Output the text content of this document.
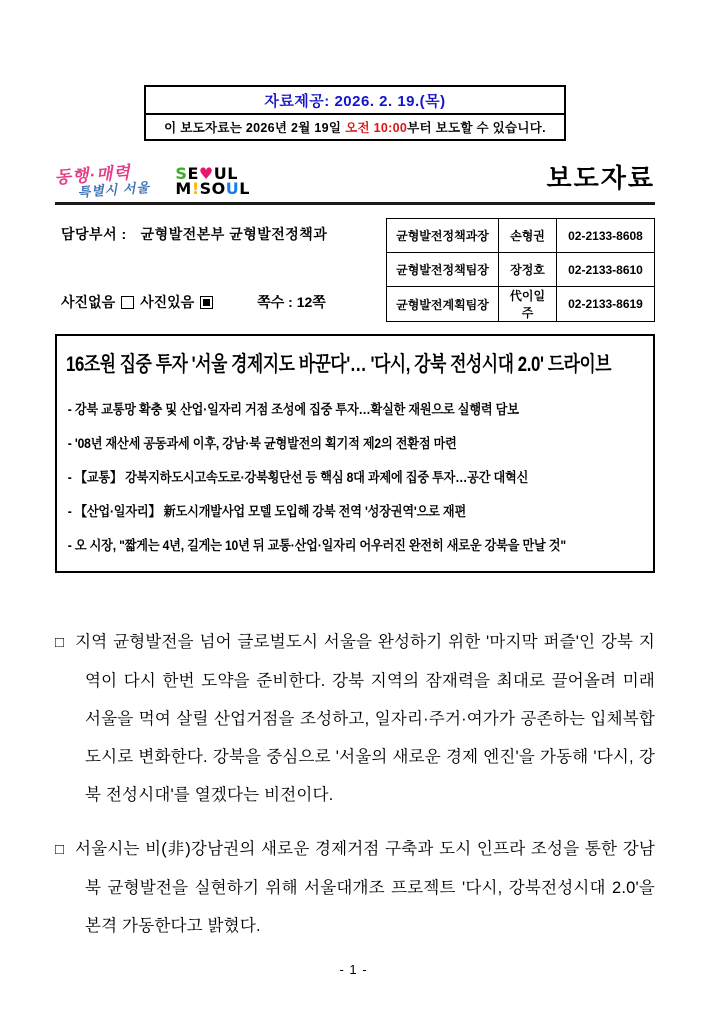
자료제공: 2026. 2. 19.(목)
이 보도자료는 2026년 2월 19일 오전 10:00부터 보도할 수 있습니다.
동행·매력
특별시 서울
SE♥UL
M!SOUL	보도자료
담당부서 : 균형발전본부 균형발전정책과
사진없음 사진있음	쪽수 : 12쪽
균형발전정책과장	손형권	02-2133-8608
균형발전정책팀장	장정호	02-2133-8610
균형발전계획팀장	代이일주	02-2133-8619
16조원 집중 투자 '서울 경제지도 바꾼다'… '다시, 강북 전성시대 2.0' 드라이브
- 강북 교통망 확충 및 산업·일자리 거점 조성에 집중 투자…확실한 재원으로 실행력 담보
- '08년 재산세 공동과세 이후, 강남·북 균형발전의 획기적 제2의 전환점 마련
- 【교통】 강북지하도시고속도로·강북횡단선 등 핵심 8대 과제에 집중 투자…공간 대혁신
- 【산업·일자리】 新도시개발사업 모델 도입해 강북 전역 '성장권역'으로 재편
- 오 시장, "짧게는 4년, 길게는 10년 뒤 교통·산업·일자리 어우러진 완전히 새로운 강북을 만날 것"
□ 지역 균형발전을 넘어 글로벌도시 서울을 완성하기 위한 '마지막 퍼즐'인 강북 지역이 다시 한번 도약을 준비한다. 강북 지역의 잠재력을 최대로 끌어올려 미래 서울을 먹여 살릴 산업거점을 조성하고, 일자리·주거·여가가 공존하는 입체복합도시로 변화한다. 강북을 중심으로 '서울의 새로운 경제 엔진'을 가동해 '다시, 강북 전성시대'를 열겠다는 비전이다.
□ 서울시는 비(非)강남권의 새로운 경제거점 구축과 도시 인프라 조성을 통한 강남북 균형발전을 실현하기 위해 서울대개조 프로젝트 '다시, 강북전성시대 2.0'을 본격 가동한다고 밝혔다.
- 1 -
